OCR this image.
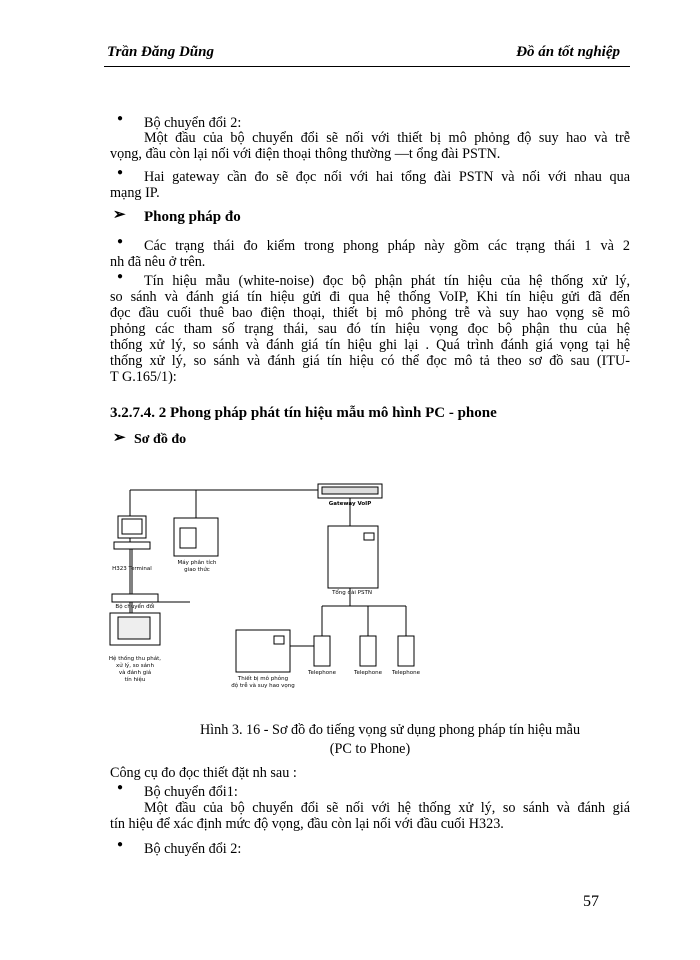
Trần Đăng Dũng	Đồ án tốt nghiệp
● Bộ chuyển đổi 2:
Một đầu của bộ chuyển đổi sẽ nối với thiết bị mô phỏng độ suy hao và trễ
vọng, đầu còn lại nối với điện thoại thông thường —t ổng đài PSTN.
● Hai gateway cần đo sẽ đọc nối với hai tổng đài PSTN và nối với nhau qua
mạng IP.
➢ Phong pháp đo
● Các trạng thái đo kiểm trong phong pháp này gồm các trạng thái 1 và 2
nh đã nêu ở trên.
● Tín hiệu mẫu (white-noise) đọc bộ phận phát tín hiệu của hệ thống xử lý,
so sánh và đánh giá tín hiệu gửi đi qua hệ thống VoIP, Khi tín hiệu gửi đã đến
đọc đầu cuối thuê bao điện thoại, thiết bị mô phỏng trễ và suy hao vọng sẽ mô
phỏng các tham số trạng thái, sau đó tín hiệu vọng đọc bộ phận thu của hệ
thống xử lý, so sánh và đánh giá tín hiệu ghi lại . Quá trình đánh giá vọng tại hệ
thống xử lý, so sánh và đánh giá tín hiệu có thể đọc mô tả theo sơ đồ sau (ITU-
T G.165/1):
3.2.7.4. 2 Phong pháp phát tín hiệu mẫu mô hình PC - phone
➢ Sơ đồ đo
Gateway VoIP
Tổng đài PSTN
H323 Terminal
Bộ chuyển đổi
Máy phân tích
giao thức
Hệ thống thu phát,
xử lý, so sánh
và đánh giá
tín hiệu	Thiết bị mô phỏng
độ trễ và suy hao vọng
Telephone	Telephone	Telephone
Hình 3. 16 - Sơ đồ đo tiếng vọng sử dụng phong pháp tín hiệu mẫu
(PC to Phone)
Công cụ đo đọc thiết đặt nh sau :
● Bộ chuyển đổi1:
Một đầu của bộ chuyển đổi sẽ nối với hệ thống xử lý, so sánh và đánh giá
tín hiệu để xác định mức độ vọng, đầu còn lại nối với đầu cuối H323.
● Bộ chuyển đổi 2:
57
